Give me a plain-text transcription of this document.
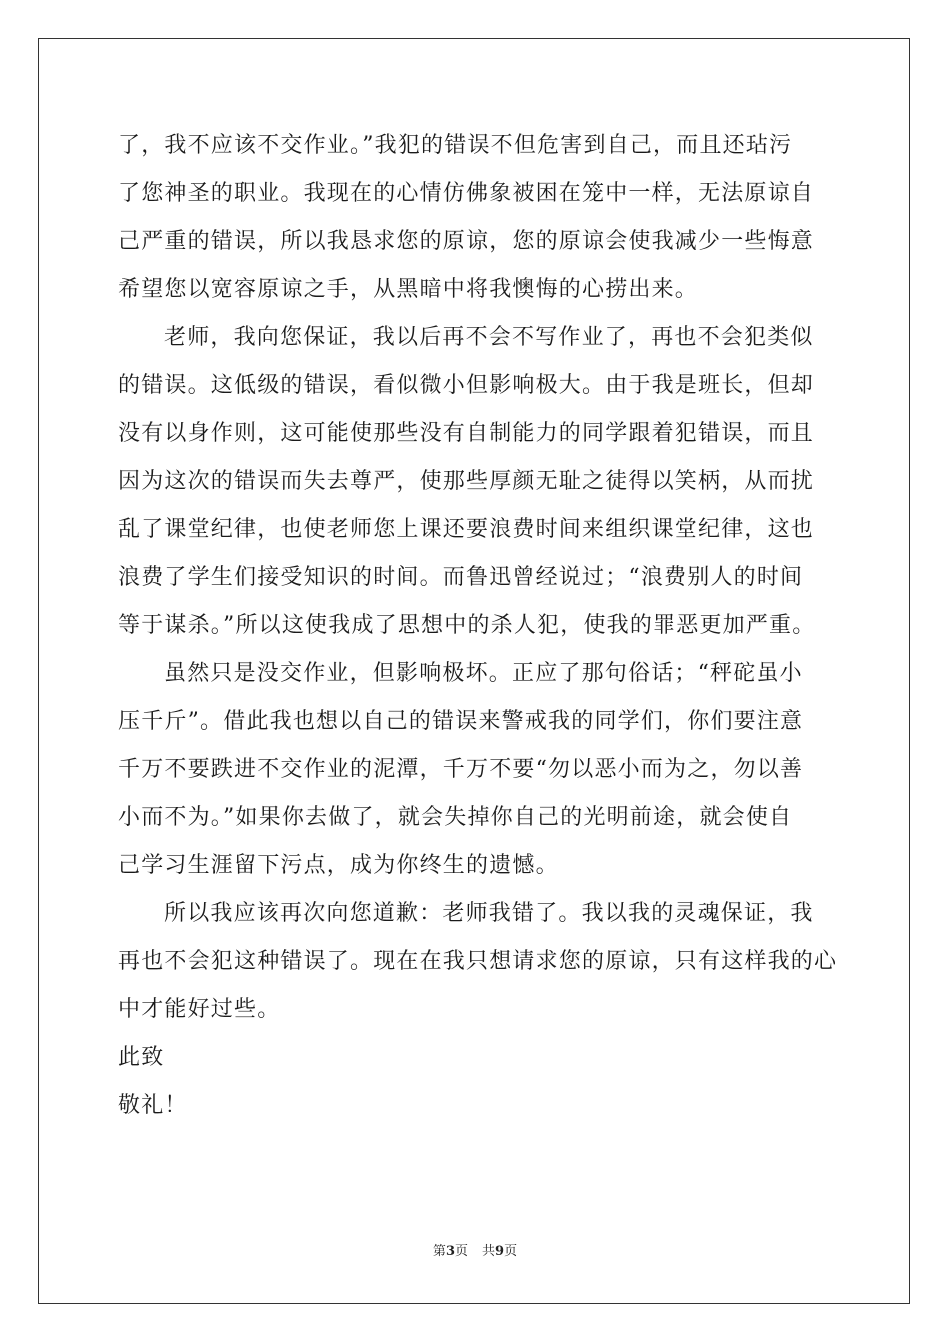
了，我不应该不交作业。”我犯的错误不但危害到自己，而且还玷污
了您神圣的职业。我现在的心情仿佛象被困在笼中一样，无法原谅自
己严重的错误，所以我恳求您的原谅，您的原谅会使我减少一些悔意
希望您以宽容原谅之手，从黑暗中将我懊悔的心捞出来。
老师，我向您保证，我以后再不会不写作业了，再也不会犯类似
的错误。这低级的错误，看似微小但影响极大。由于我是班长，但却
没有以身作则，这可能使那些没有自制能力的同学跟着犯错误，而且
因为这次的错误而失去尊严，使那些厚颜无耻之徒得以笑柄，从而扰
乱了课堂纪律，也使老师您上课还要浪费时间来组织课堂纪律，这也
浪费了学生们接受知识的时间。而鲁迅曾经说过；“浪费别人的时间
等于谋杀。”所以这使我成了思想中的杀人犯，使我的罪恶更加严重。
虽然只是没交作业，但影响极坏。正应了那句俗话；“秤砣虽小
压千斤”。借此我也想以自己的错误来警戒我的同学们，你们要注意
千万不要跌进不交作业的泥潭，千万不要“勿以恶小而为之，勿以善
小而不为。”如果你去做了，就会失掉你自己的光明前途，就会使自
己学习生涯留下污点，成为你终生的遗憾。
所以我应该再次向您道歉：老师我错了。我以我的灵魂保证，我
再也不会犯这种错误了。现在在我只想请求您的原谅，只有这样我的心
中才能好过些。
此致
敬礼！
第3页 共9页
